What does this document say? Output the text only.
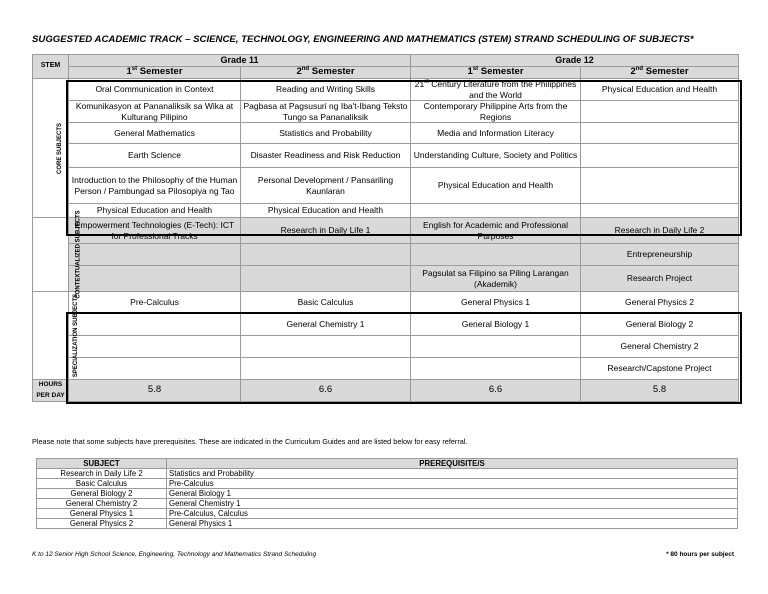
SUGGESTED ACADEMIC TRACK – SCIENCE, TECHNOLOGY, ENGINEERING AND MATHEMATICS (STEM) STRAND SCHEDULING OF SUBJECTS*
STEM	Grade 11		Grade 12	
	1st Semester	2nd Semester	1st Semester	2nd Semester
CORE SUBJECTS	Oral Communication in Context	Reading and Writing Skills	21st Century Literature from the Philippines and the World	Physical Education and Health
	Komunikasyon at Pananaliksik sa Wika at Kulturang Pilipino	Pagbasa at Pagsusuri ng Iba't-Ibang Teksto Tungo sa Pananaliksik	Contemporary Philippine Arts from the Regions	
	General Mathematics	Statistics and Probability	Media and Information Literacy	
	Earth Science	Disaster Readiness and Risk Reduction	Understanding Culture, Society and Politics	
	Introduction to the Philosophy of the Human Person / Pambungad sa Pilosopiya ng Tao	Personal Development / Pansariling Kaunlaran	Physical Education and Health	
	Physical Education and Health	Physical Education and Health		
CONTEXTUALIZED SUBJECTS	Empowerment Technologies (E-Tech): ICT for Professional Tracks	Research in Daily Life 1	English for Academic and Professional Purposes	Research in Daily Life 2
				Entrepreneurship
			Pagsulat sa Filipino sa Piling Larangan (Akademik)	Research Project
SPECIALIZATION SUBJECTS	Pre-Calculus	Basic Calculus	General Physics 1	General Physics 2
		General Chemistry 1	General Biology 1	General Biology 2
				General Chemistry 2
				Research/Capstone Project
HOURS PER DAY	5.8	6.6	6.6	5.8
Please note that some subjects have prerequisites. These are indicated in the Curriculum Guides and are listed below for easy referral.
SUBJECT	PREREQUISITE/S
Research in Daily Life 2	Statistics and Probability
Basic Calculus	Pre-Calculus
General Biology 2	General Biology 1
General Chemistry 2	General Chemistry 1
General Physics 1	Pre-Calculus, Calculus
General Physics 2	General Physics 1
K to 12 Senior High School Science, Engineering, Technology and Mathematics Strand Scheduling	* 80 hours per subject
